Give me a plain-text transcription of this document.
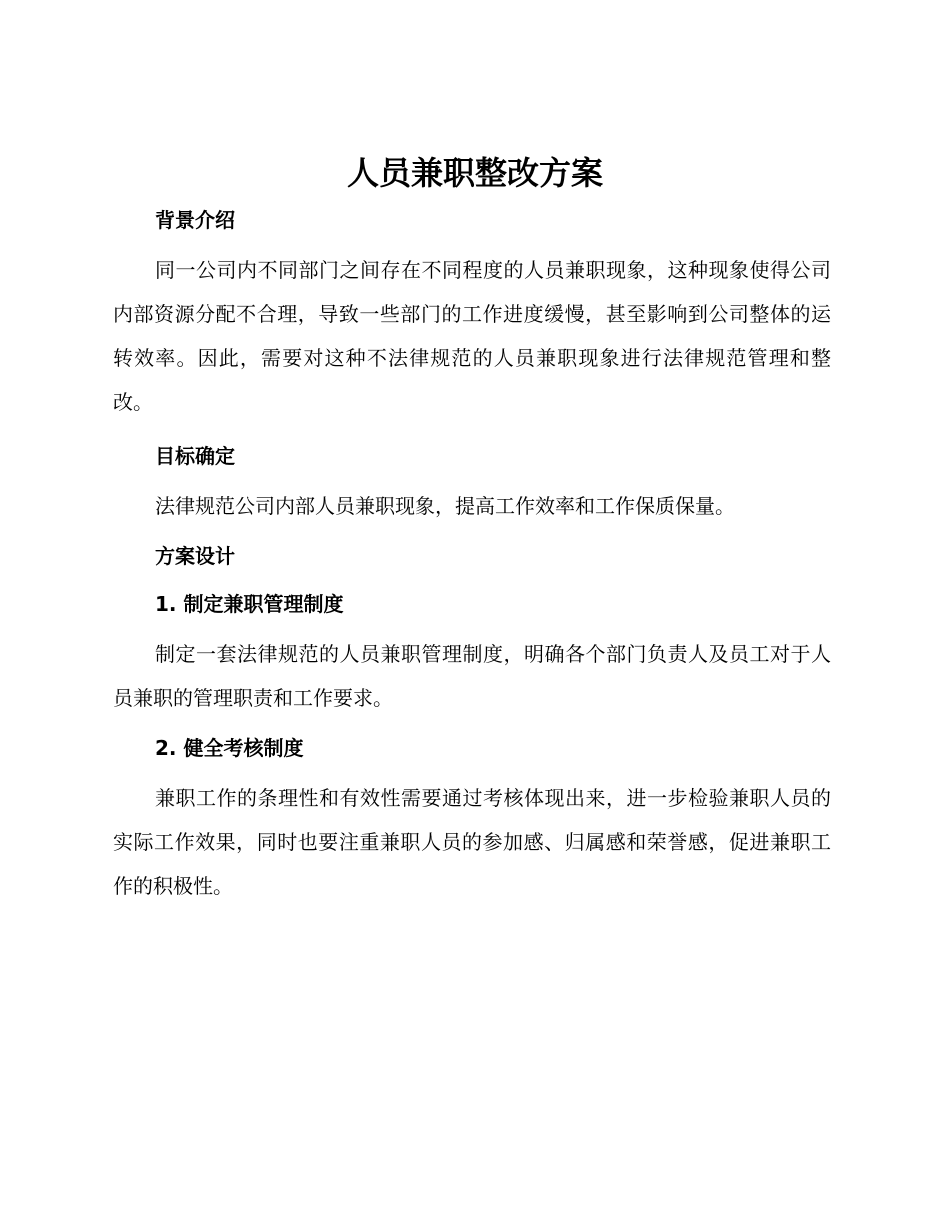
人员兼职整改方案
背景介绍

同一公司内不同部门之间存在不同程度的人员兼职现象，这种现象使得公司内部资源分配不合理，导致一些部门的工作进度缓慢，甚至影响到公司整体的运转效率。因此，需要对这种不法律规范的人员兼职现象进行法律规范管理和整改。

目标确定

法律规范公司内部人员兼职现象，提高工作效率和工作保质保量。

方案设计
1. 制定兼职管理制度

制定一套法律规范的人员兼职管理制度，明确各个部门负责人及员工对于人员兼职的管理职责和工作要求。

2. 健全考核制度

兼职工作的条理性和有效性需要通过考核体现出来，进一步检验兼职人员的实际工作效果，同时也要注重兼职人员的参加感、归属感和荣誉感，促进兼职工作的积极性。
